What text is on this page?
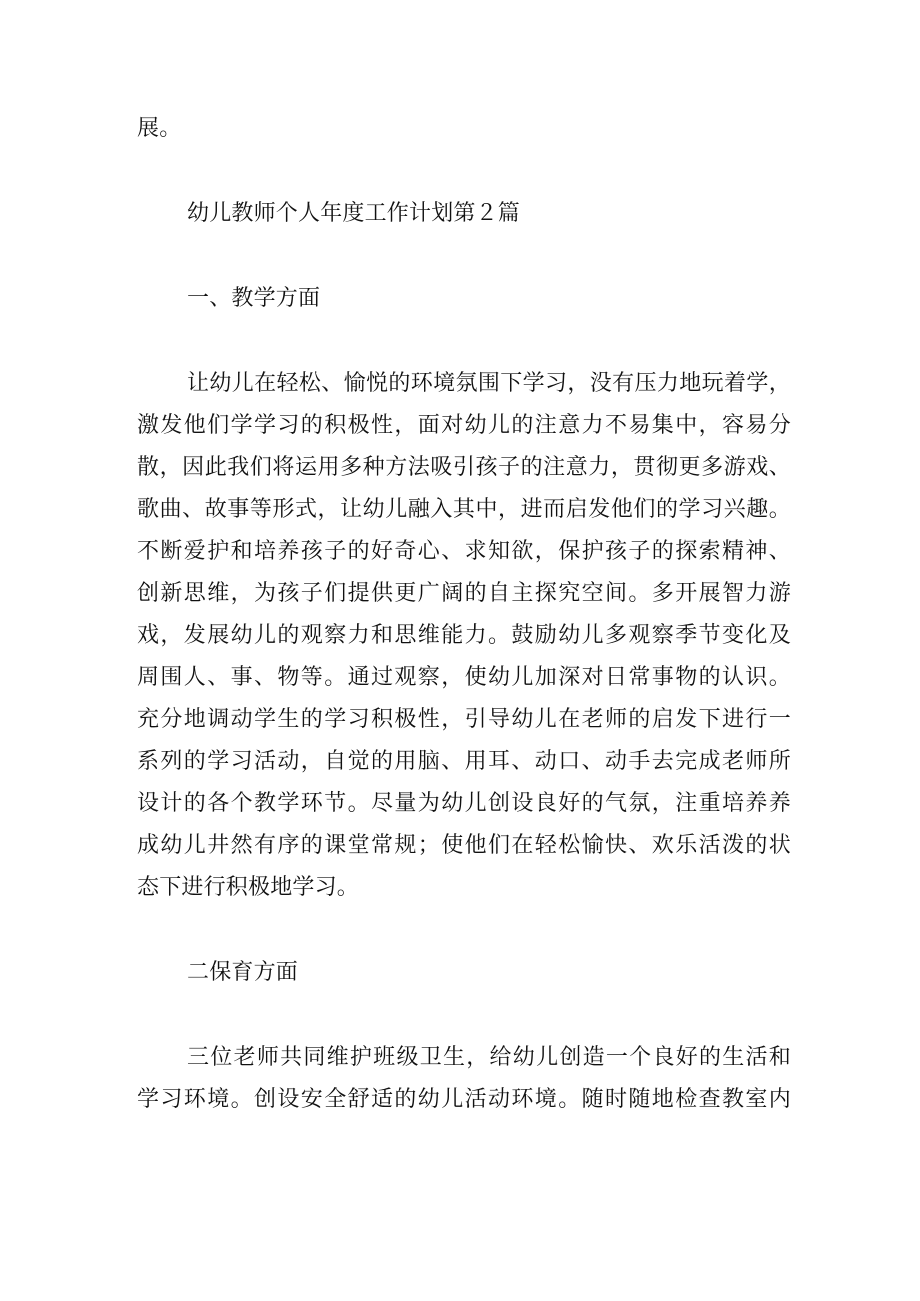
展。

幼儿教师个人年度工作计划第２篇

一、教学方面

让幼儿在轻松、愉悦的环境氛围下学习，没有压力地玩着学，

激发他们学学习的积极性，面对幼儿的注意力不易集中，容易分

散，因此我们将运用多种方法吸引孩子的注意力，贯彻更多游戏、

歌曲、故事等形式，让幼儿融入其中，进而启发他们的学习兴趣。

不断爱护和培养孩子的好奇心、求知欲，保护孩子的探索精神、

创新思维，为孩子们提供更广阔的自主探究空间。多开展智力游

戏，发展幼儿的观察力和思维能力。鼓励幼儿多观察季节变化及

周围人、事、物等。通过观察，使幼儿加深对日常事物的认识。

充分地调动学生的学习积极性，引导幼儿在老师的启发下进行一

系列的学习活动，自觉的用脑、用耳、动口、动手去完成老师所

设计的各个教学环节。尽量为幼儿创设良好的气氛，注重培养养

成幼儿井然有序的课堂常规；使他们在轻松愉快、欢乐活泼的状

态下进行积极地学习。

二保育方面

三位老师共同维护班级卫生，给幼儿创造一个良好的生活和

学习环境。创设安全舒适的幼儿活动环境。随时随地检查教室内
